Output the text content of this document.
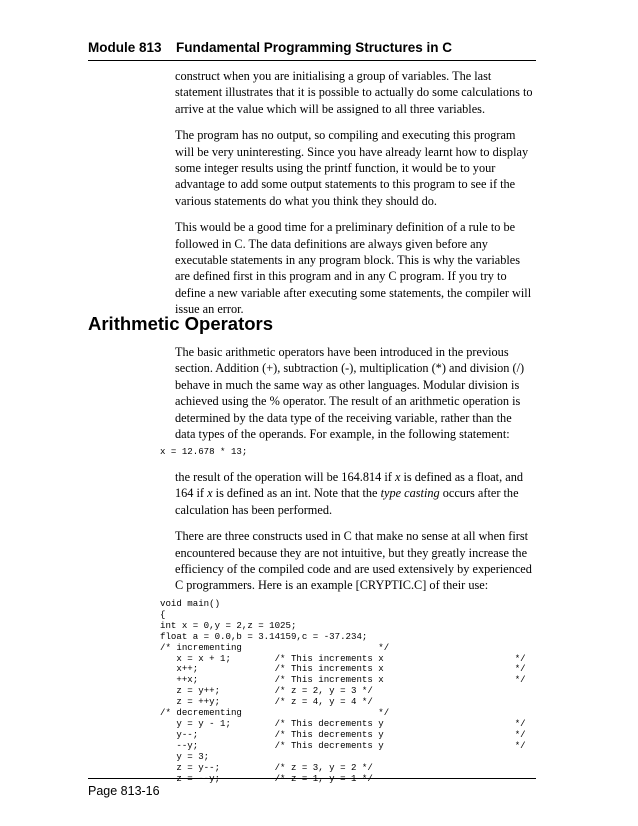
Module 813 Fundamental Programming Structures in C

construct when you are initialising a group of variables. The last statement illustrates that it is possible to actually do some calculations to arrive at the value which will be assigned to all three variables.

The program has no output, so compiling and executing this program will be very uninteresting. Since you have already learnt how to display some integer results using the printf function, it would be to your advantage to add some output statements to this program to see if the various statements do what you think they should do.

This would be a good time for a preliminary definition of a rule to be followed in C. The data definitions are always given before any executable statements in any program block. This is why the variables are defined first in this program and in any C program. If you try to define a new variable after executing some statements, the compiler will issue an error.

Arithmetic Operators

The basic arithmetic operators have been introduced in the previous section. Addition (+), subtraction (-), multiplication (*) and division (/) behave in much the same way as other languages. Modular division is achieved using the % operator. The result of an arithmetic operation is determined by the data type of the receiving variable, rather than the data types of the operands. For example, in the following statement:

x = 12.678 * 13;

the result of the operation will be 164.814 if x is defined as a float, and 164 if x is defined as an int. Note that the type casting occurs after the calculation has been performed.

There are three constructs used in C that make no sense at all when first encountered because they are not intuitive, but they greatly increase the efficiency of the compiled code and are used extensively by experienced C programmers. Here is an example [CRYPTIC.C] of their use:

void main()
{
int x = 0,y = 2,z = 1025;
float a = 0.0,b = 3.14159,c = -37.234;
/* incrementing                         */
x = x + 1;        /* This increments x                        */
x++;              /* This increments x                        */
++x;              /* This increments x                        */
z = y++;          /* z = 2, y = 3 */
z = ++y;          /* z = 4, y = 4 */
/* decrementing                         */
y = y - 1;        /* This decrements y                        */
y--;              /* This decrements y                        */
--y;              /* This decrements y                        */
y = 3;
z = y--;          /* z = 3, y = 2 */
z = --y;          /* z = 1, y = 1 */
Page 813-16
